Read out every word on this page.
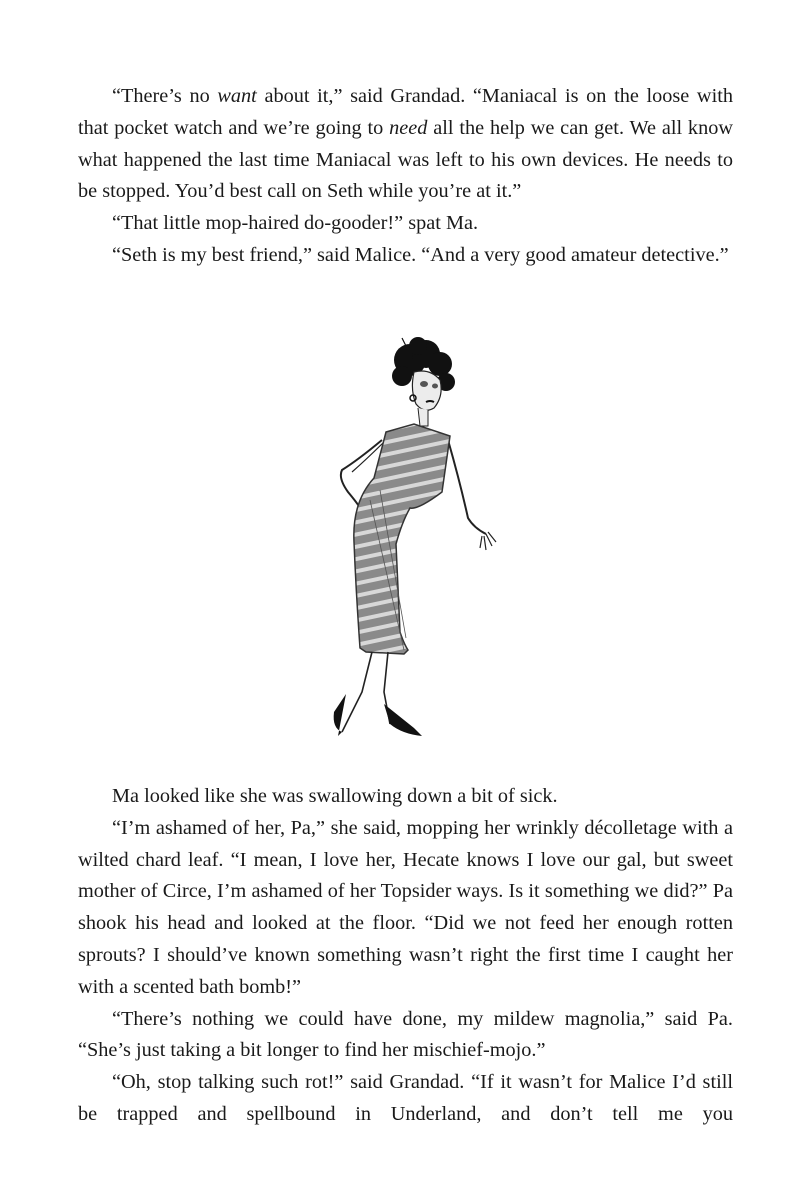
“There’s no want about it,” said Grandad. “Maniacal is on the loose with that pocket watch and we’re going to need all the help we can get. We all know what happened the last time Maniacal was left to his own devices. He needs to be stopped. You’d best call on Seth while you’re at it.”

“That little mop-haired do-gooder!” spat Ma.

“Seth is my best friend,” said Malice. “And a very good amateur detective.”

Ma looked like she was swallowing down a bit of sick.

“I’m ashamed of her, Pa,” she said, mopping her wrinkly décolletage with a wilted chard leaf. “I mean, I love her, Hecate knows I love our gal, but sweet mother of Circe, I’m ashamed of her Topsider ways. Is it something we did?” Pa shook his head and looked at the floor. “Did we not feed her enough rotten sprouts? I should’ve known something wasn’t right the first time I caught her with a scented bath bomb!”

“There’s nothing we could have done, my mildew magnolia,” said Pa. “She’s just taking a bit longer to find her mischief-mojo.”

“Oh, stop talking such rot!” said Grandad. “If it wasn’t for Malice I’d still be trapped and spellbound in Underland, and don’t tell me you
